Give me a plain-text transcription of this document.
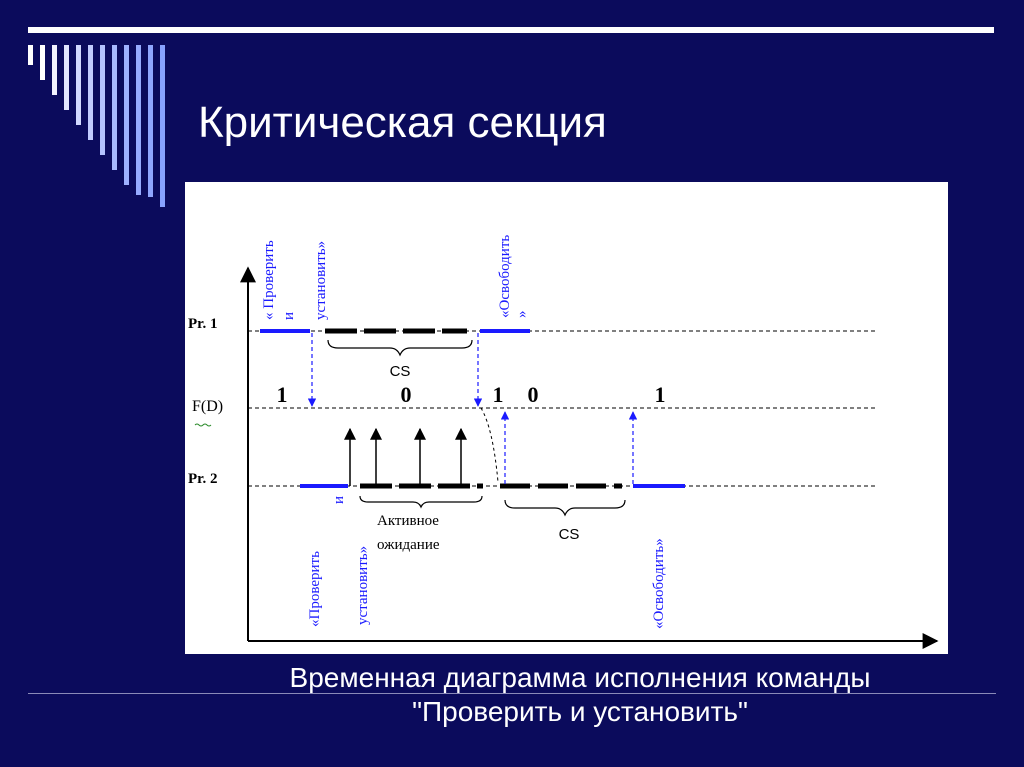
Критическая секция
Pr. 1
F(D)
Pr. 2
CS
« Проверить и установить»	«Освободить »
1	0	1 0	1
Активное ожидание
CS
«Проверить и
установить»	«Освободить»
Временная диаграмма исполнения команды
"Проверить и установить"
